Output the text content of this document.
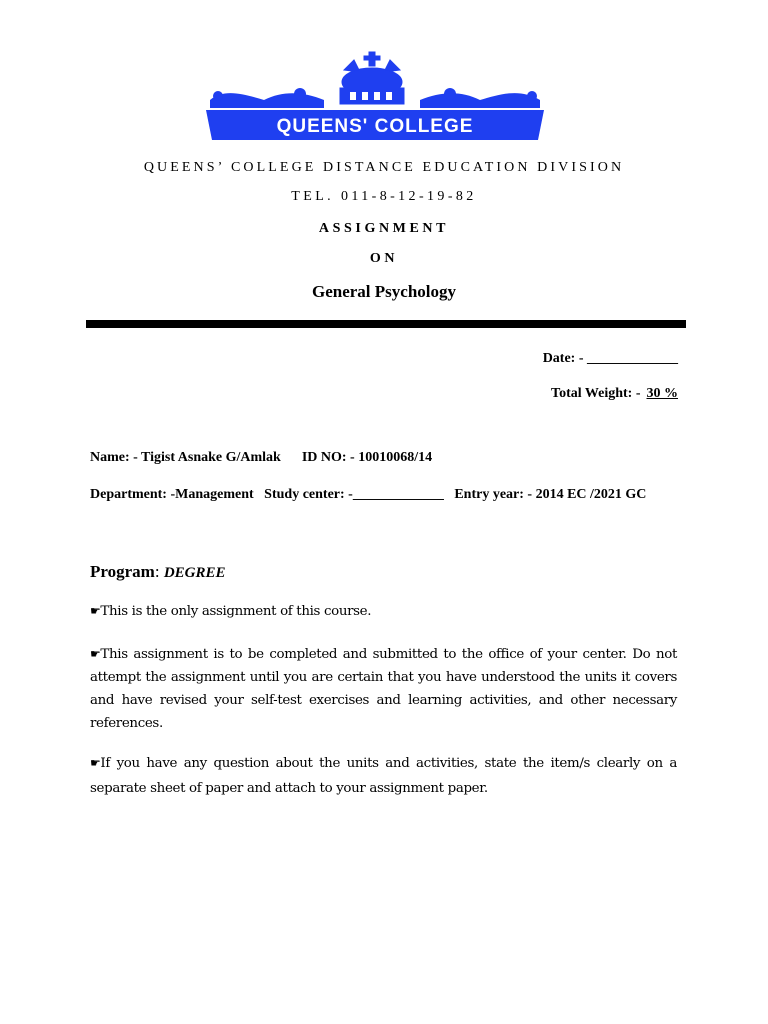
QUEENS' COLLEGE
QUEENS’ COLLEGE DISTANCE EDUCATION DIVISION
TEL. 011-8-12-19-82
ASSIGNMENT
ON
General Psychology
Date: - _____________
Total Weight: - 30 %
Name: - Tigist Asnake G/Amlak      ID NO: - 10010068/14
Department: -Management   Study center: -_____________   Entry year: - 2014 EC /2021 GC
Program: DEGREE
☛This is the only assignment of this course.
☛This assignment is to be completed and submitted to the office of your center. Do not attempt the assignment until you are certain that you have understood the units it covers and have revised your self-test exercises and learning activities, and other necessary references.
☛If you have any question about the units and activities, state the item/s clearly on a separate sheet of paper and attach to your assignment paper.
